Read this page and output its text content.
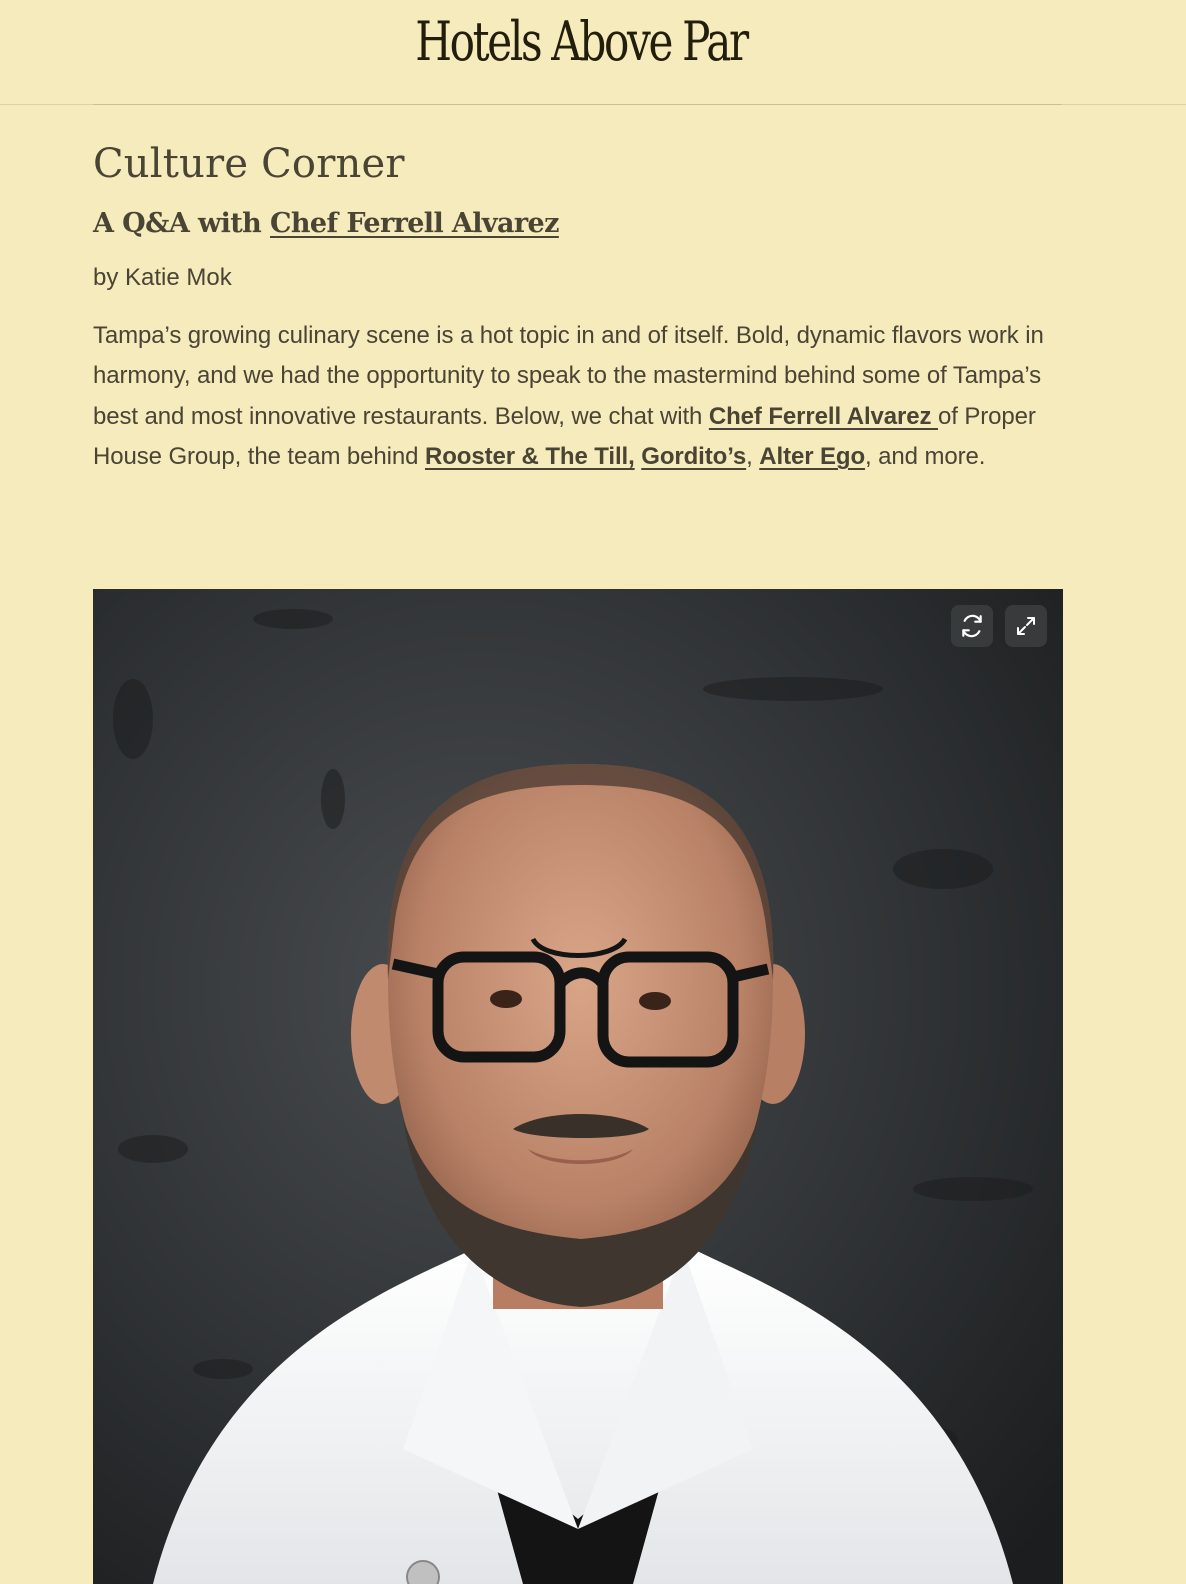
Hotels Above Par
Culture Corner
A Q&A with Chef Ferrell Alvarez

by Katie Mok

Tampa’s growing culinary scene is a hot topic in and of itself. Bold, dynamic flavors work in harmony, and we had the opportunity to speak to the mastermind behind some of Tampa’s best and most innovative restaurants. Below, we chat with Chef Ferrell Alvarez of Proper House Group, the team behind Rooster & The Till, Gordito’s, Alter Ego, and more.
